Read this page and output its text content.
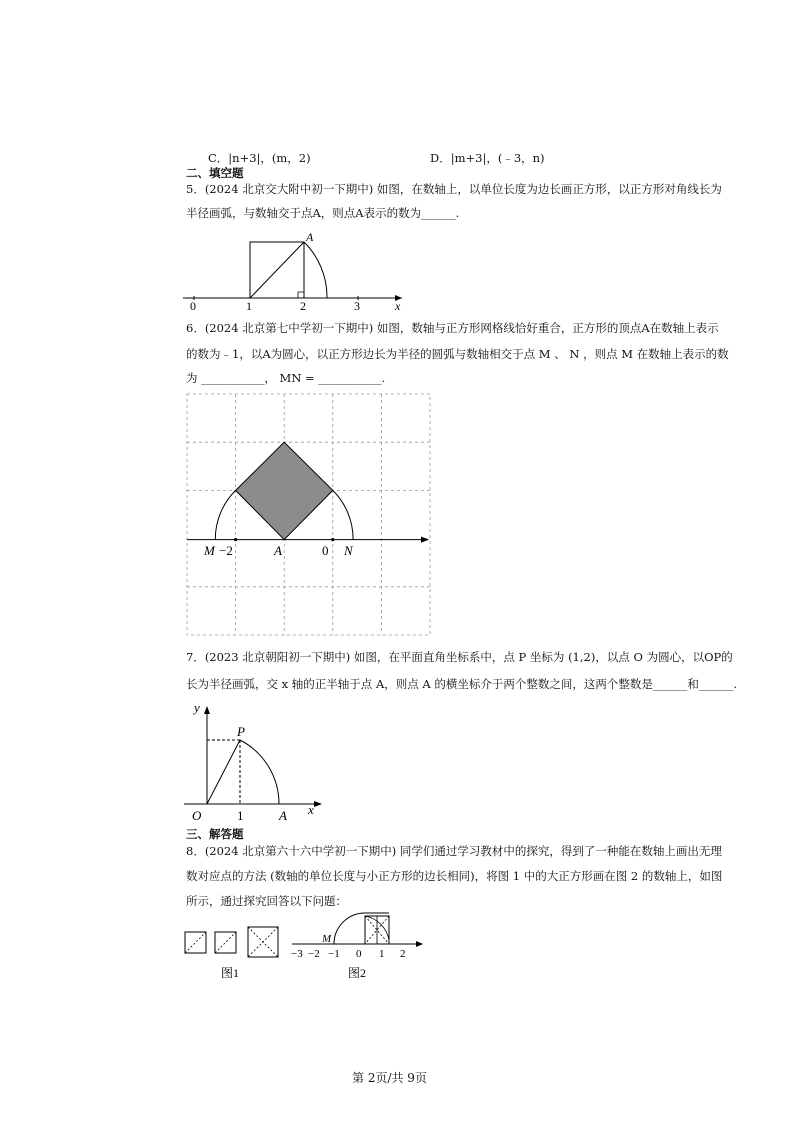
C．|n+3|，(m，2)	D．|m+3|，(﹣3，n)
二、填空题
5．(2024 北京交大附中初一下期中) 如图，在数轴上，以单位长度为边长画正方形，以正方形对角线长为
半径画弧，与数轴交于点A，则点A表示的数为______.
0	1	2	3	x
A
6．(2024 北京第七中学初一下期中) 如图，数轴与正方形网格线恰好重合，正方形的顶点A在数轴上表示
的数为﹣1，以A为圆心，以正方形边长为半径的圆弧与数轴相交于点 M 、 N ，则点 M 在数轴上表示的数
为 ___________， MN = ___________.
M −2	A	0 N
7．(2023 北京朝阳初一下期中) 如图，在平面直角坐标系中，点 P 坐标为 (1,2)，以点 O 为圆心，以OP的
长为半径画弧，交 x 轴的正半轴于点 A，则点 A 的横坐标介于两个整数之间，这两个整数是______和______.
y
P
O	1	A x
三、解答题
8．(2024 北京第六十六中学初一下期中) 同学们通过学习教材中的探究，得到了一种能在数轴上画出无理
数对应点的方法 (数轴的单位长度与小正方形的边长相同)，将图 1 中的大正方形画在图 2 的数轴上，如图
所示，通过探究回答以下问题：
图1
M
−3 −2 −1 0 1 2
图2
第 2页/共 9页
